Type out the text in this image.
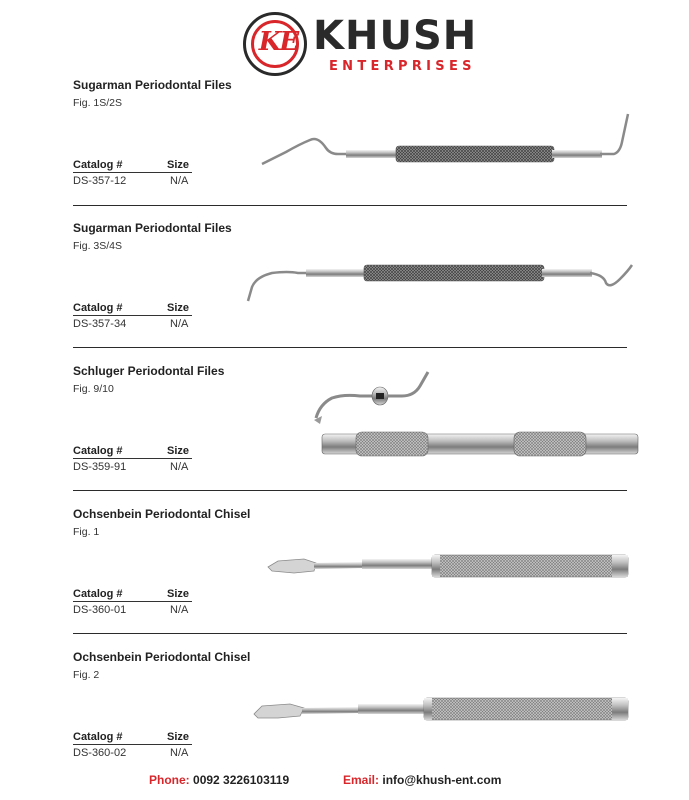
KE KHUSH
ENTERPRISES
Sugarman Periodontal Files
Fig. 1S/2S
Catalog #	Size
DS-357-12	N/A
Sugarman Periodontal Files
Fig. 3S/4S
Catalog #	Size
DS-357-34	N/A
Schluger Periodontal Files
Fig. 9/10
Catalog #	Size
DS-359-91	N/A
Ochsenbein Periodontal Chisel
Fig. 1
Catalog #	Size
DS-360-01	N/A
Ochsenbein Periodontal Chisel
Fig. 2
Catalog #	Size
DS-360-02	N/A
Phone: 0092 3226103119	Email: info@khush-ent.com
